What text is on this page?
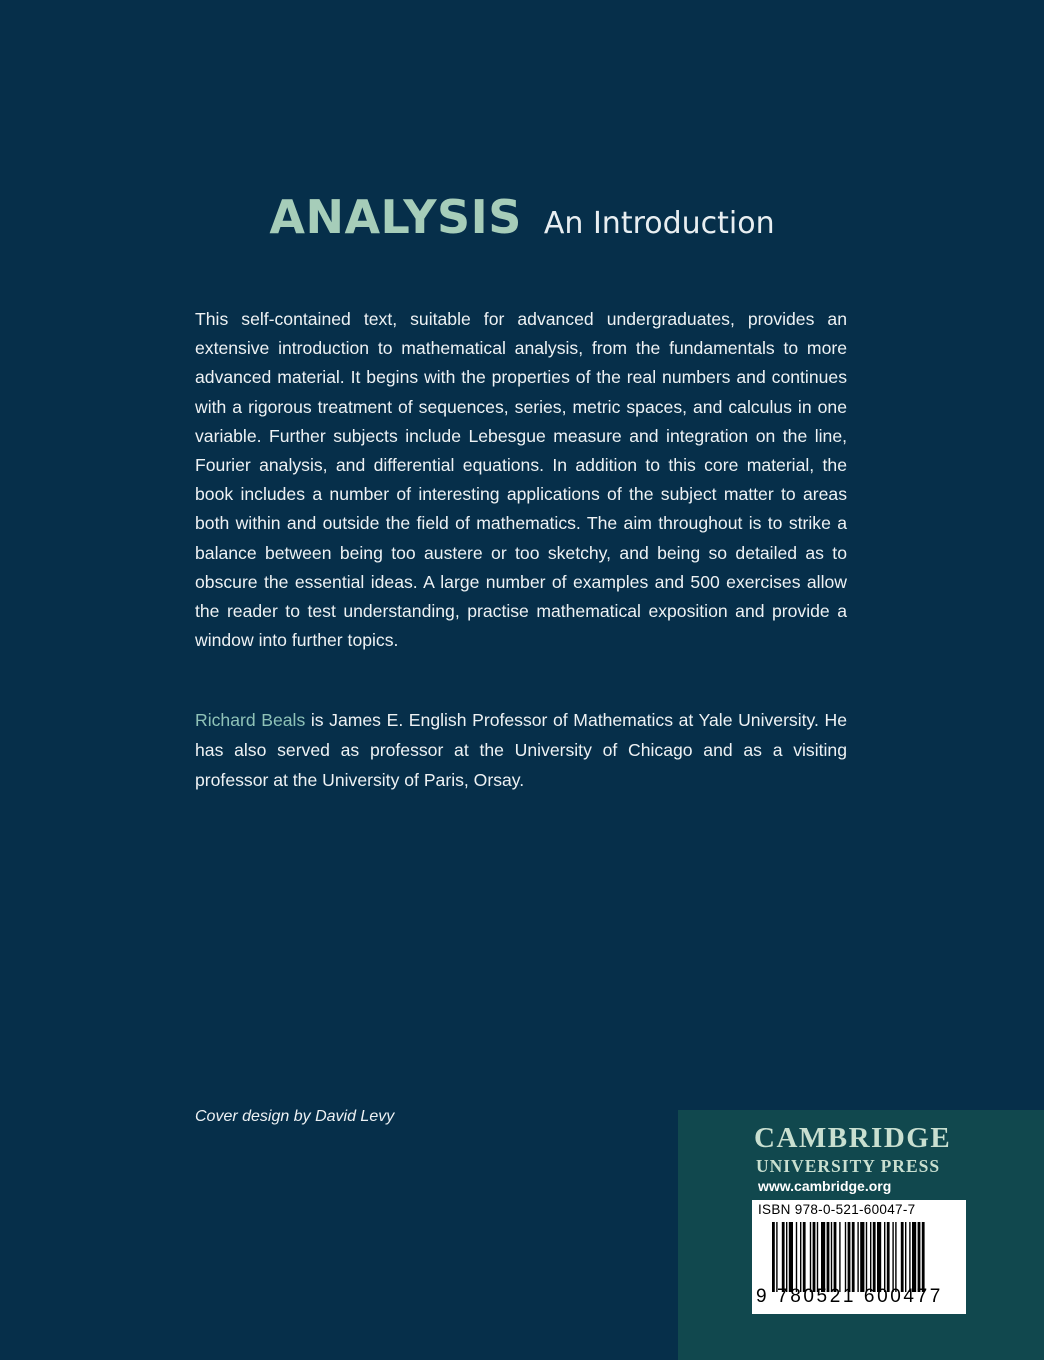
ANALYSIS An Introduction

This self-contained text, suitable for advanced undergraduates, provides an extensive introduction to mathematical analysis, from the fundamentals to more advanced material. It begins with the properties of the real numbers and continues with a rigorous treatment of sequences, series, metric spaces, and calculus in one variable. Further subjects include Lebesgue measure and integration on the line, Fourier analysis, and differential equations. In addition to this core material, the book includes a number of interesting applications of the subject matter to areas both within and outside the field of mathematics. The aim throughout is to strike a balance between being too austere or too sketchy, and being so detailed as to obscure the essential ideas. A large number of examples and 500 exercises allow the reader to test understanding, practise mathematical exposition and provide a window into further topics.

Richard Beals is James E. English Professor of Mathematics at Yale University. He has also served as professor at the University of Chicago and as a visiting professor at the University of Paris, Orsay.

Cover design by David Levy
CAMBRIDGE
UNIVERSITY PRESS
www.cambridge.org
ISBN 978-0-521-60047-7
9 780521 600477
